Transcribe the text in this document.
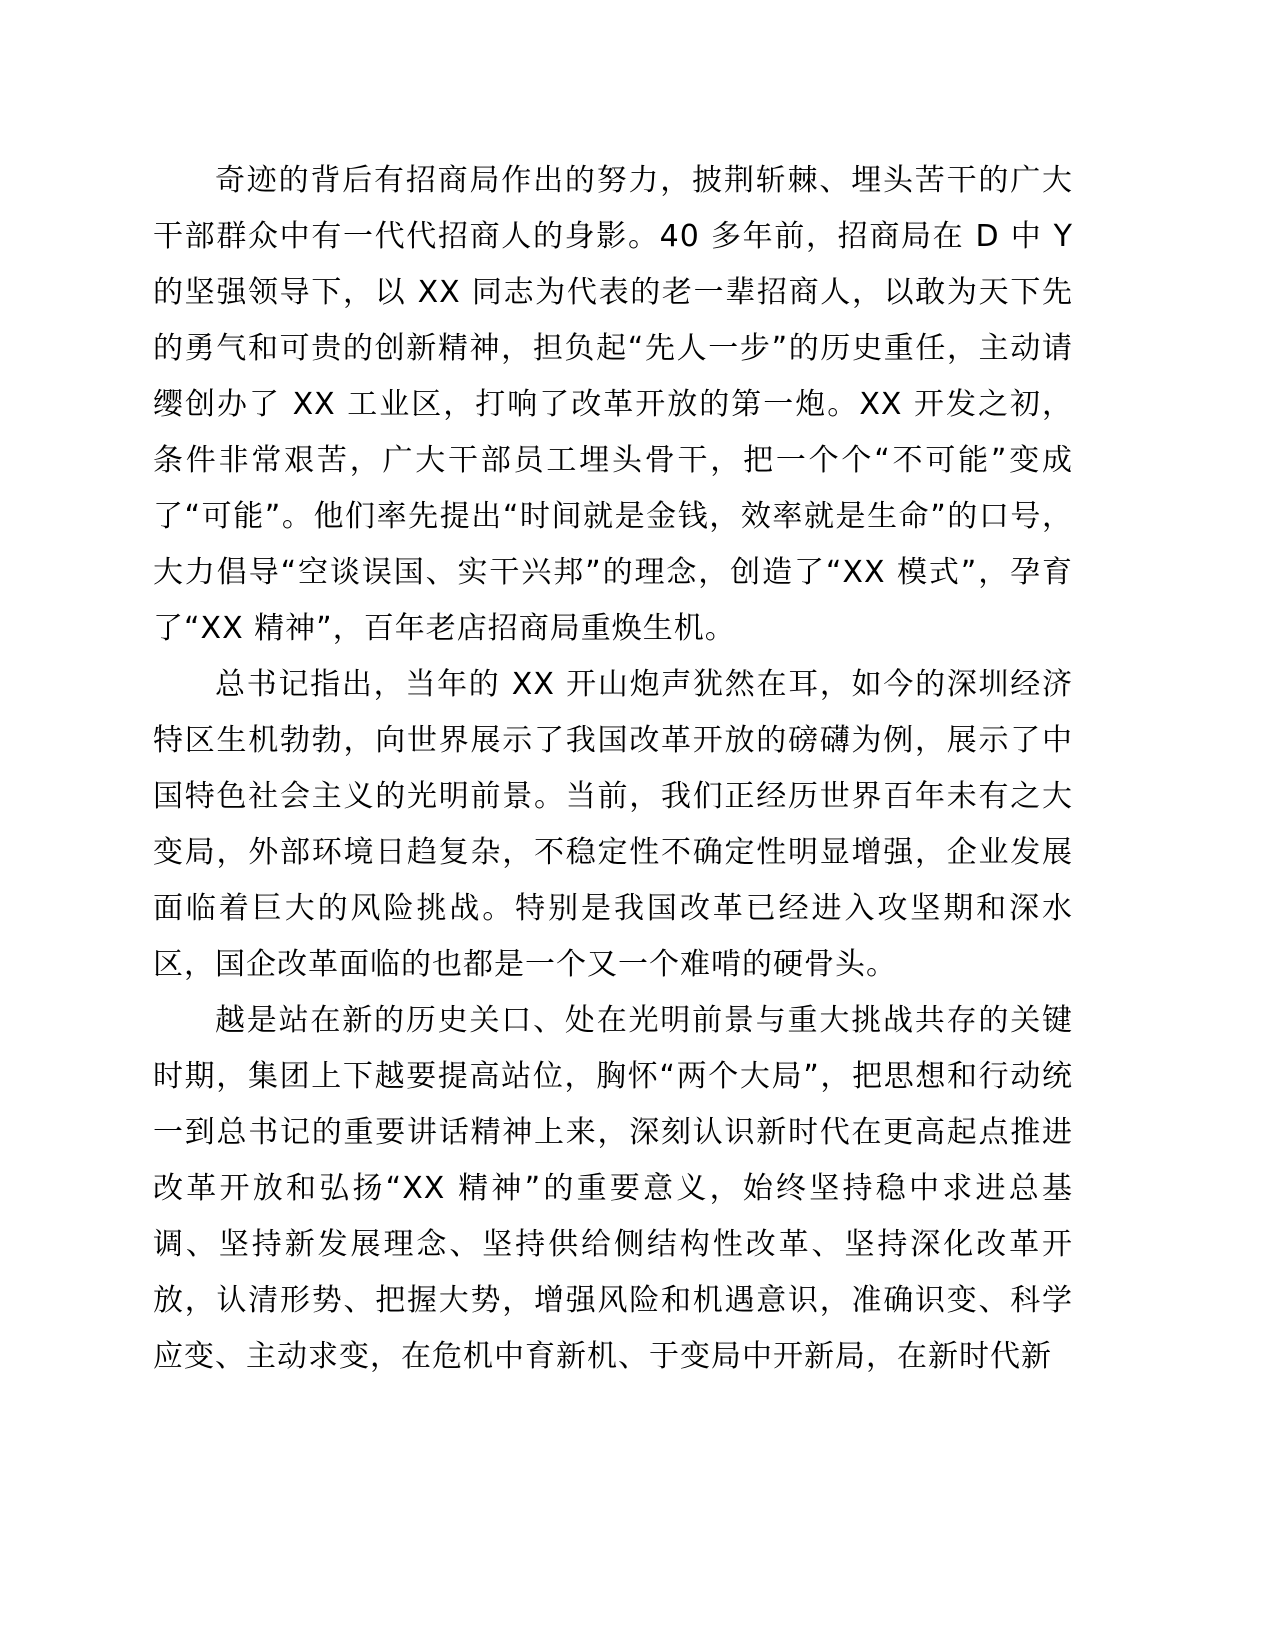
奇迹的背后有招商局作出的努力，披荆斩棘、埋头苦干的广大干部群众中有一代代招商人的身影。40 多年前，招商局在 D 中 Y 的坚强领导下，以 XX 同志为代表的老一辈招商人，以敢为天下先的勇气和可贵的创新精神，担负起“先人一步”的历史重任，主动请缨创办了 XX 工业区，打响了改革开放的第一炮。XX 开发之初，条件非常艰苦，广大干部员工埋头骨干，把一个个“不可能”变成了“可能”。他们率先提出“时间就是金钱，效率就是生命”的口号，大力倡导“空谈误国、实干兴邦”的理念，创造了“XX 模式”，孕育了“XX 精神”，百年老店招商局重焕生机。

总书记指出，当年的 XX 开山炮声犹然在耳，如今的深圳经济特区生机勃勃，向世界展示了我国改革开放的磅礴为例，展示了中国特色社会主义的光明前景。当前，我们正经历世界百年未有之大变局，外部环境日趋复杂，不稳定性不确定性明显增强，企业发展面临着巨大的风险挑战。特别是我国改革已经进入攻坚期和深水区，国企改革面临的也都是一个又一个难啃的硬骨头。

越是站在新的历史关口、处在光明前景与重大挑战共存的关键时期，集团上下越要提高站位，胸怀“两个大局”，把思想和行动统一到总书记的重要讲话精神上来，深刻认识新时代在更高起点推进改革开放和弘扬“XX 精神”的重要意义，始终坚持稳中求进总基调、坚持新发展理念、坚持供给侧结构性改革、坚持深化改革开放，认清形势、把握大势，增强风险和机遇意识，准确识变、科学应变、主动求变，在危机中育新机、于变局中开新局，在新时代新
